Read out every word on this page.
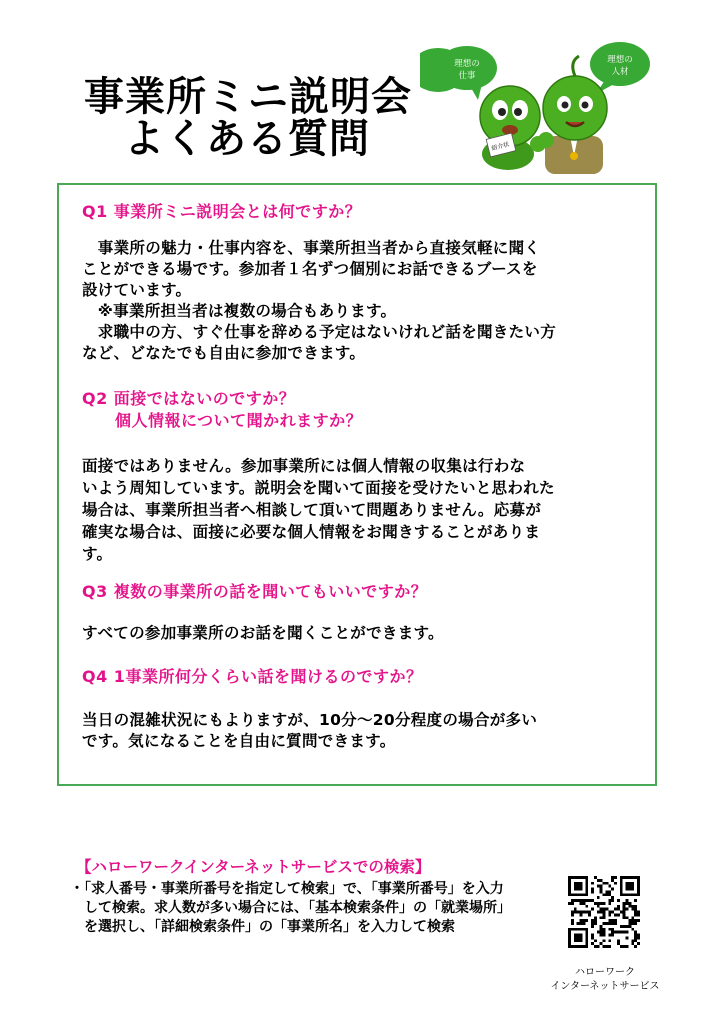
事業所ミニ説明会
よくある質問
理想の
仕事
理想の
人材
紹介状
Q1 事業所ミニ説明会とは何ですか？
　事業所の魅力・仕事内容を、事業所担当者から直接気軽に聞く
ことができる場です。参加者１名ずつ個別にお話できるブースを
設けています。
　※事業所担当者は複数の場合もあります。
　求職中の方、すぐ仕事を辞める予定はないけれど話を聞きたい方
など、どなたでも自由に参加できます。
Q2 面接ではないのですか？
　　個人情報について聞かれますか？
面接ではありません。参加事業所には個人情報の収集は行わな
いよう周知しています。説明会を聞いて面接を受けたいと思われた
場合は、事業所担当者へ相談して頂いて問題ありません。応募が
確実な場合は、面接に必要な個人情報をお聞きすることがありま
す。
Q3 複数の事業所の話を聞いてもいいですか？
すべての参加事業所のお話を聞くことができます。
Q4 1事業所何分くらい話を聞けるのですか？
当日の混雑状況にもよりますが、10分～20分程度の場合が多い
です。気になることを自由に質問できます。
【ハローワークインターネットサービスでの検索】
・「求人番号・事業所番号を指定して検索」で、「事業所番号」を入力
　して検索。求人数が多い場合には、「基本検索条件」の「就業場所」
　を選択し、「詳細検索条件」の「事業所名」を入力して検索
ハローワーク
インターネットサービス
